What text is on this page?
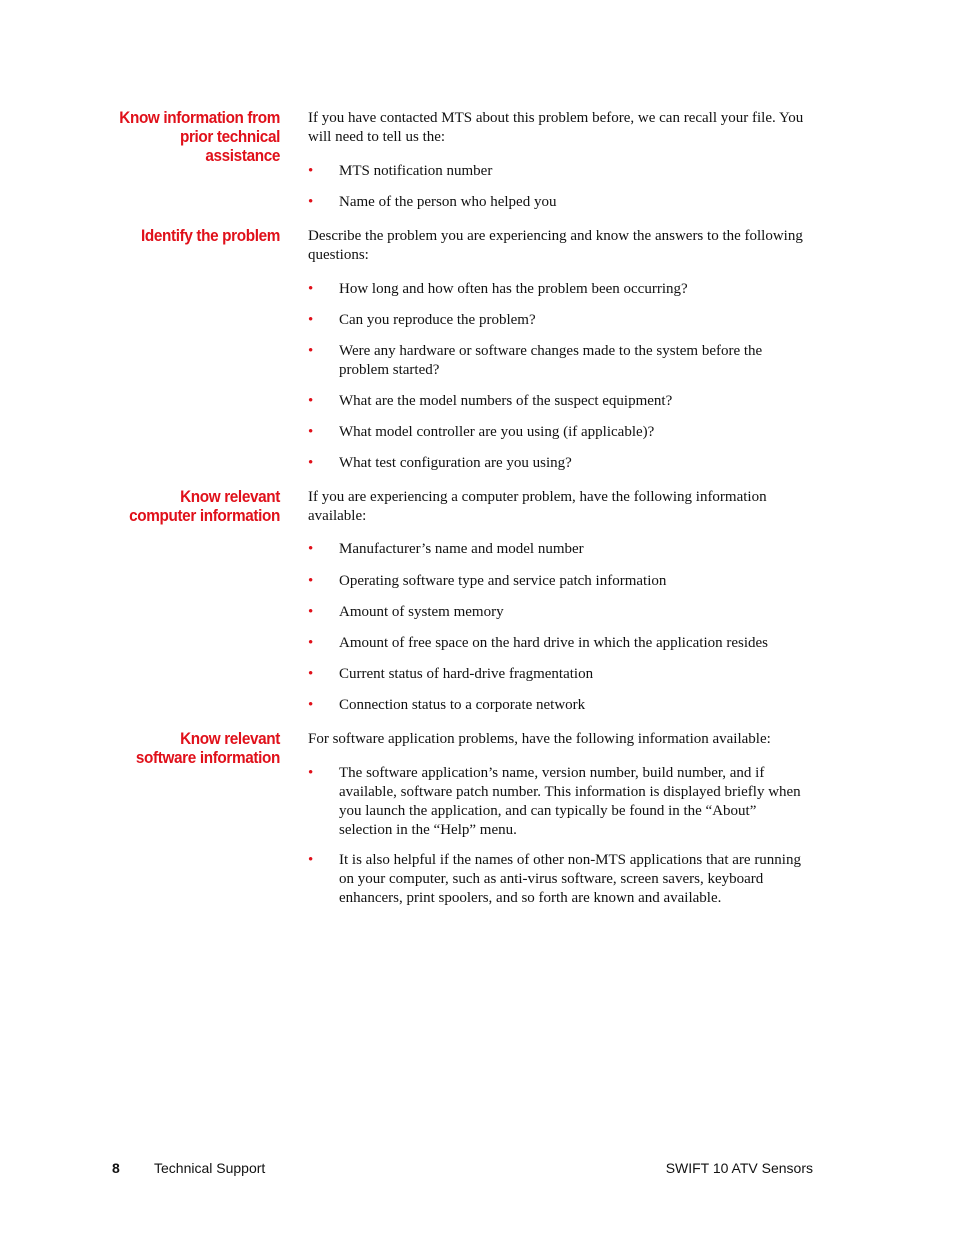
Know information from
prior technical
assistance
If you have contacted MTS about this problem before, we can recall your file. You will need to tell us the:
• MTS notification number
• Name of the person who helped you
Identify the problem Describe the problem you are experiencing and know the answers to the following questions:
• How long and how often has the problem been occurring?
• Can you reproduce the problem?
• Were any hardware or software changes made to the system before the problem started?
• What are the model numbers of the suspect equipment?
• What model controller are you using (if applicable)?
• What test configuration are you using?
Know relevant
computer information
If you are experiencing a computer problem, have the following information available:
• Manufacturer’s name and model number
• Operating software type and service patch information
• Amount of system memory
• Amount of free space on the hard drive in which the application resides
• Current status of hard-drive fragmentation
• Connection status to a corporate network
Know relevant
software information
For software application problems, have the following information available:
• The software application’s name, version number, build number, and if available, software patch number. This information is displayed briefly when you launch the application, and can typically be found in the “About” selection in the “Help” menu.
• It is also helpful if the names of other non-MTS applications that are running on your computer, such as anti-virus software, screen savers, keyboard enhancers, print spoolers, and so forth are known and available.
8 Technical Support	SWIFT 10 ATV Sensors
